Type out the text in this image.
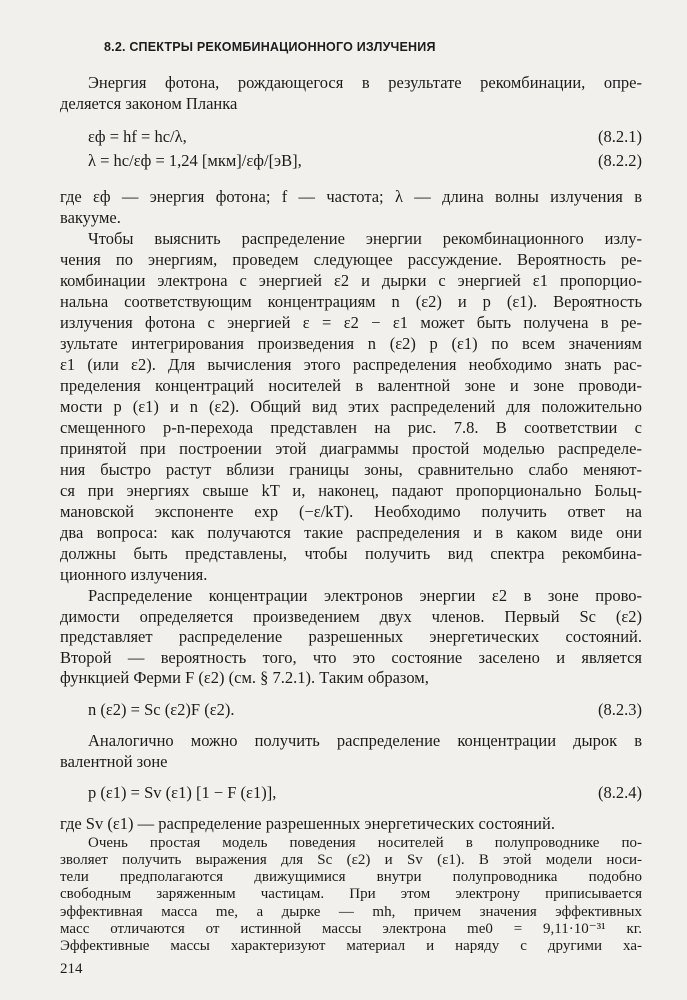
8.2. СПЕКТРЫ РЕКОМБИНАЦИОННОГО ИЗЛУЧЕНИЯ
Энергия фотона, рождающегося в результате рекомбинации, опре-
деляется законом Планка
εф = hf = hc/λ,	(8.2.1)
λ = hc/εф = 1,24 [мкм]/εф/[эВ],	(8.2.2)
где εф — энергия фотона; f — частота; λ — длина волны излучения в
вакууме.
Чтобы выяснить распределение энергии рекомбинационного излу-
чения по энергиям, проведем следующее рассуждение. Вероятность ре-
комбинации электрона с энергией ε2 и дырки с энергией ε1 пропорцио-
нальна соответствующим концентрациям n (ε2) и p (ε1). Вероятность
излучения фотона с энергией ε = ε2 − ε1 может быть получена в ре-
зультате интегрирования произведения n (ε2) p (ε1) по всем значениям
ε1 (или ε2). Для вычисления этого распределения необходимо знать рас-
пределения концентраций носителей в валентной зоне и зоне проводи-
мости p (ε1) и n (ε2). Общий вид этих распределений для положительно
смещенного p-n-перехода представлен на рис. 7.8. В соответствии с
принятой при построении этой диаграммы простой моделью распределе-
ния быстро растут вблизи границы зоны, сравнительно слабо меняют-
ся при энергиях свыше kT и, наконец, падают пропорционально Больц-
мановской экспоненте exp (−ε/kT). Необходимо получить ответ на
два вопроса: как получаются такие распределения и в каком виде они
должны быть представлены, чтобы получить вид спектра рекомбина-
ционного излучения.
Распределение концентрации электронов энергии ε2 в зоне прово-
димости определяется произведением двух членов. Первый Sc (ε2)
представляет распределение разрешенных энергетических состояний.
Второй — вероятность того, что это состояние заселено и является
функцией Ферми F (ε2) (см. § 7.2.1). Таким образом,
n (ε2) = Sc (ε2)F (ε2).	(8.2.3)
Аналогично можно получить распределение концентрации дырок в
валентной зоне
p (ε1) = Sv (ε1) [1 − F (ε1)],	(8.2.4)
где Sv (ε1) — распределение разрешенных энергетических состояний.
214
Очень простая модель поведения носителей в полупроводнике по-
зволяет получить выражения для Sc (ε2) и Sv (ε1). В этой модели носи-
тели предполагаются движущимися внутри полупроводника подобно
свободным заряженным частицам. При этом электрону приписывается
эффективная масса me, а дырке — mh, причем значения эффективных
масс отличаются от истинной массы электрона me0 = 9,11·10⁻³¹ кг.
Эффективные массы характеризуют материал и наряду с другими ха-
